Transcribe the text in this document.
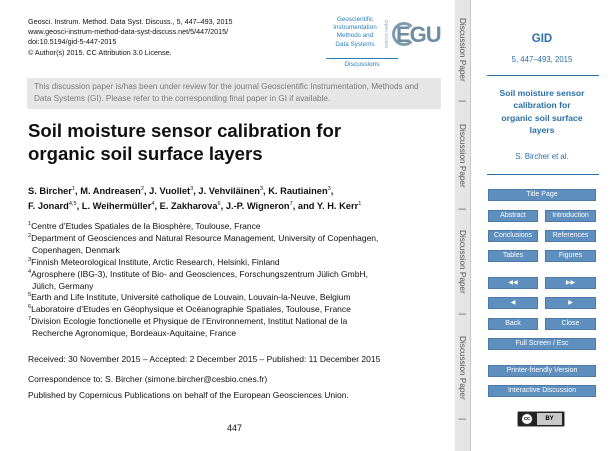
Geosci. Instrum. Method. Data Syst. Discuss., 5, 447–493, 2015
www.geosci-instrum-method-data-syst-discuss.net/5/447/2015/
doi:10.5194/gid-5-447-2015
© Author(s) 2015. CC Attribution 3.0 License.
Geoscientific
Instrumentation
Methods and
Data Systems	Open Access EGU
Discussions
This discussion paper is/has been under review for the journal Geoscientific Instrumentation, Methods and Data Systems (GI). Please refer to the corresponding final paper in GI if available.
Soil moisture sensor calibration for
organic soil surface layers
S. Bircher$^1$, M. Andreasen$^2$, J. Vuollet$^3$, J. Vehviläinen$^3$, K. Rautiainen$^3$,
F. Jonard$^{4,5}$, L. Weihermüller$^4$, E. Zakharova$^6$, J.-P. Wigneron$^7$, and Y. H. Kerr$^1$
$^1$Centre d’Etudes Spatiales de la Biosphère, Toulouse, France
$^2$Department of Geosciences and Natural Resource Management, University of Copenhagen,
Copenhagen, Denmark
$^3$Finnish Meteorological Institute, Arctic Research, Helsinki, Finland
$^4$Agrosphere (IBG-3), Institute of Bio- and Geosciences, Forschungszentrum Jülich GmbH,
Jülich, Germany
$^5$Earth and Life Institute, Université catholique de Louvain, Louvain-la-Neuve, Belgium
$^6$Laboratoire d’Etudes en Géophysique et Océanographie Spatiales, Toulouse, France
$^7$Division Ecologie fonctionelle et Physique de l’Environnement, Institut National de la
Recherche Agronomique, Bordeaux-Aquitaine, France
Received: 30 November 2015 – Accepted: 2 December 2015 – Published: 11 December 2015
Correspondence to: S. Bircher (simone.bircher@cesbio.cnes.fr)
Published by Copernicus Publications on behalf of the European Geosciences Union.
447
Discussion Paper
|
Discussion Paper
|
Discussion Paper
|
Discussion Paper
|
GID
5, 447–493, 2015
Soil moisture sensor
calibration for
organic soil surface
layers
S. Bircher et al.
Title Page
Abstract	Introduction
Conclusions	References
Tables	Figures
◀◀	▶▶
◀	▶
Back	Close
Full Screen / Esc
Printer-friendly Version
Interactive Discussion
cc	BY
